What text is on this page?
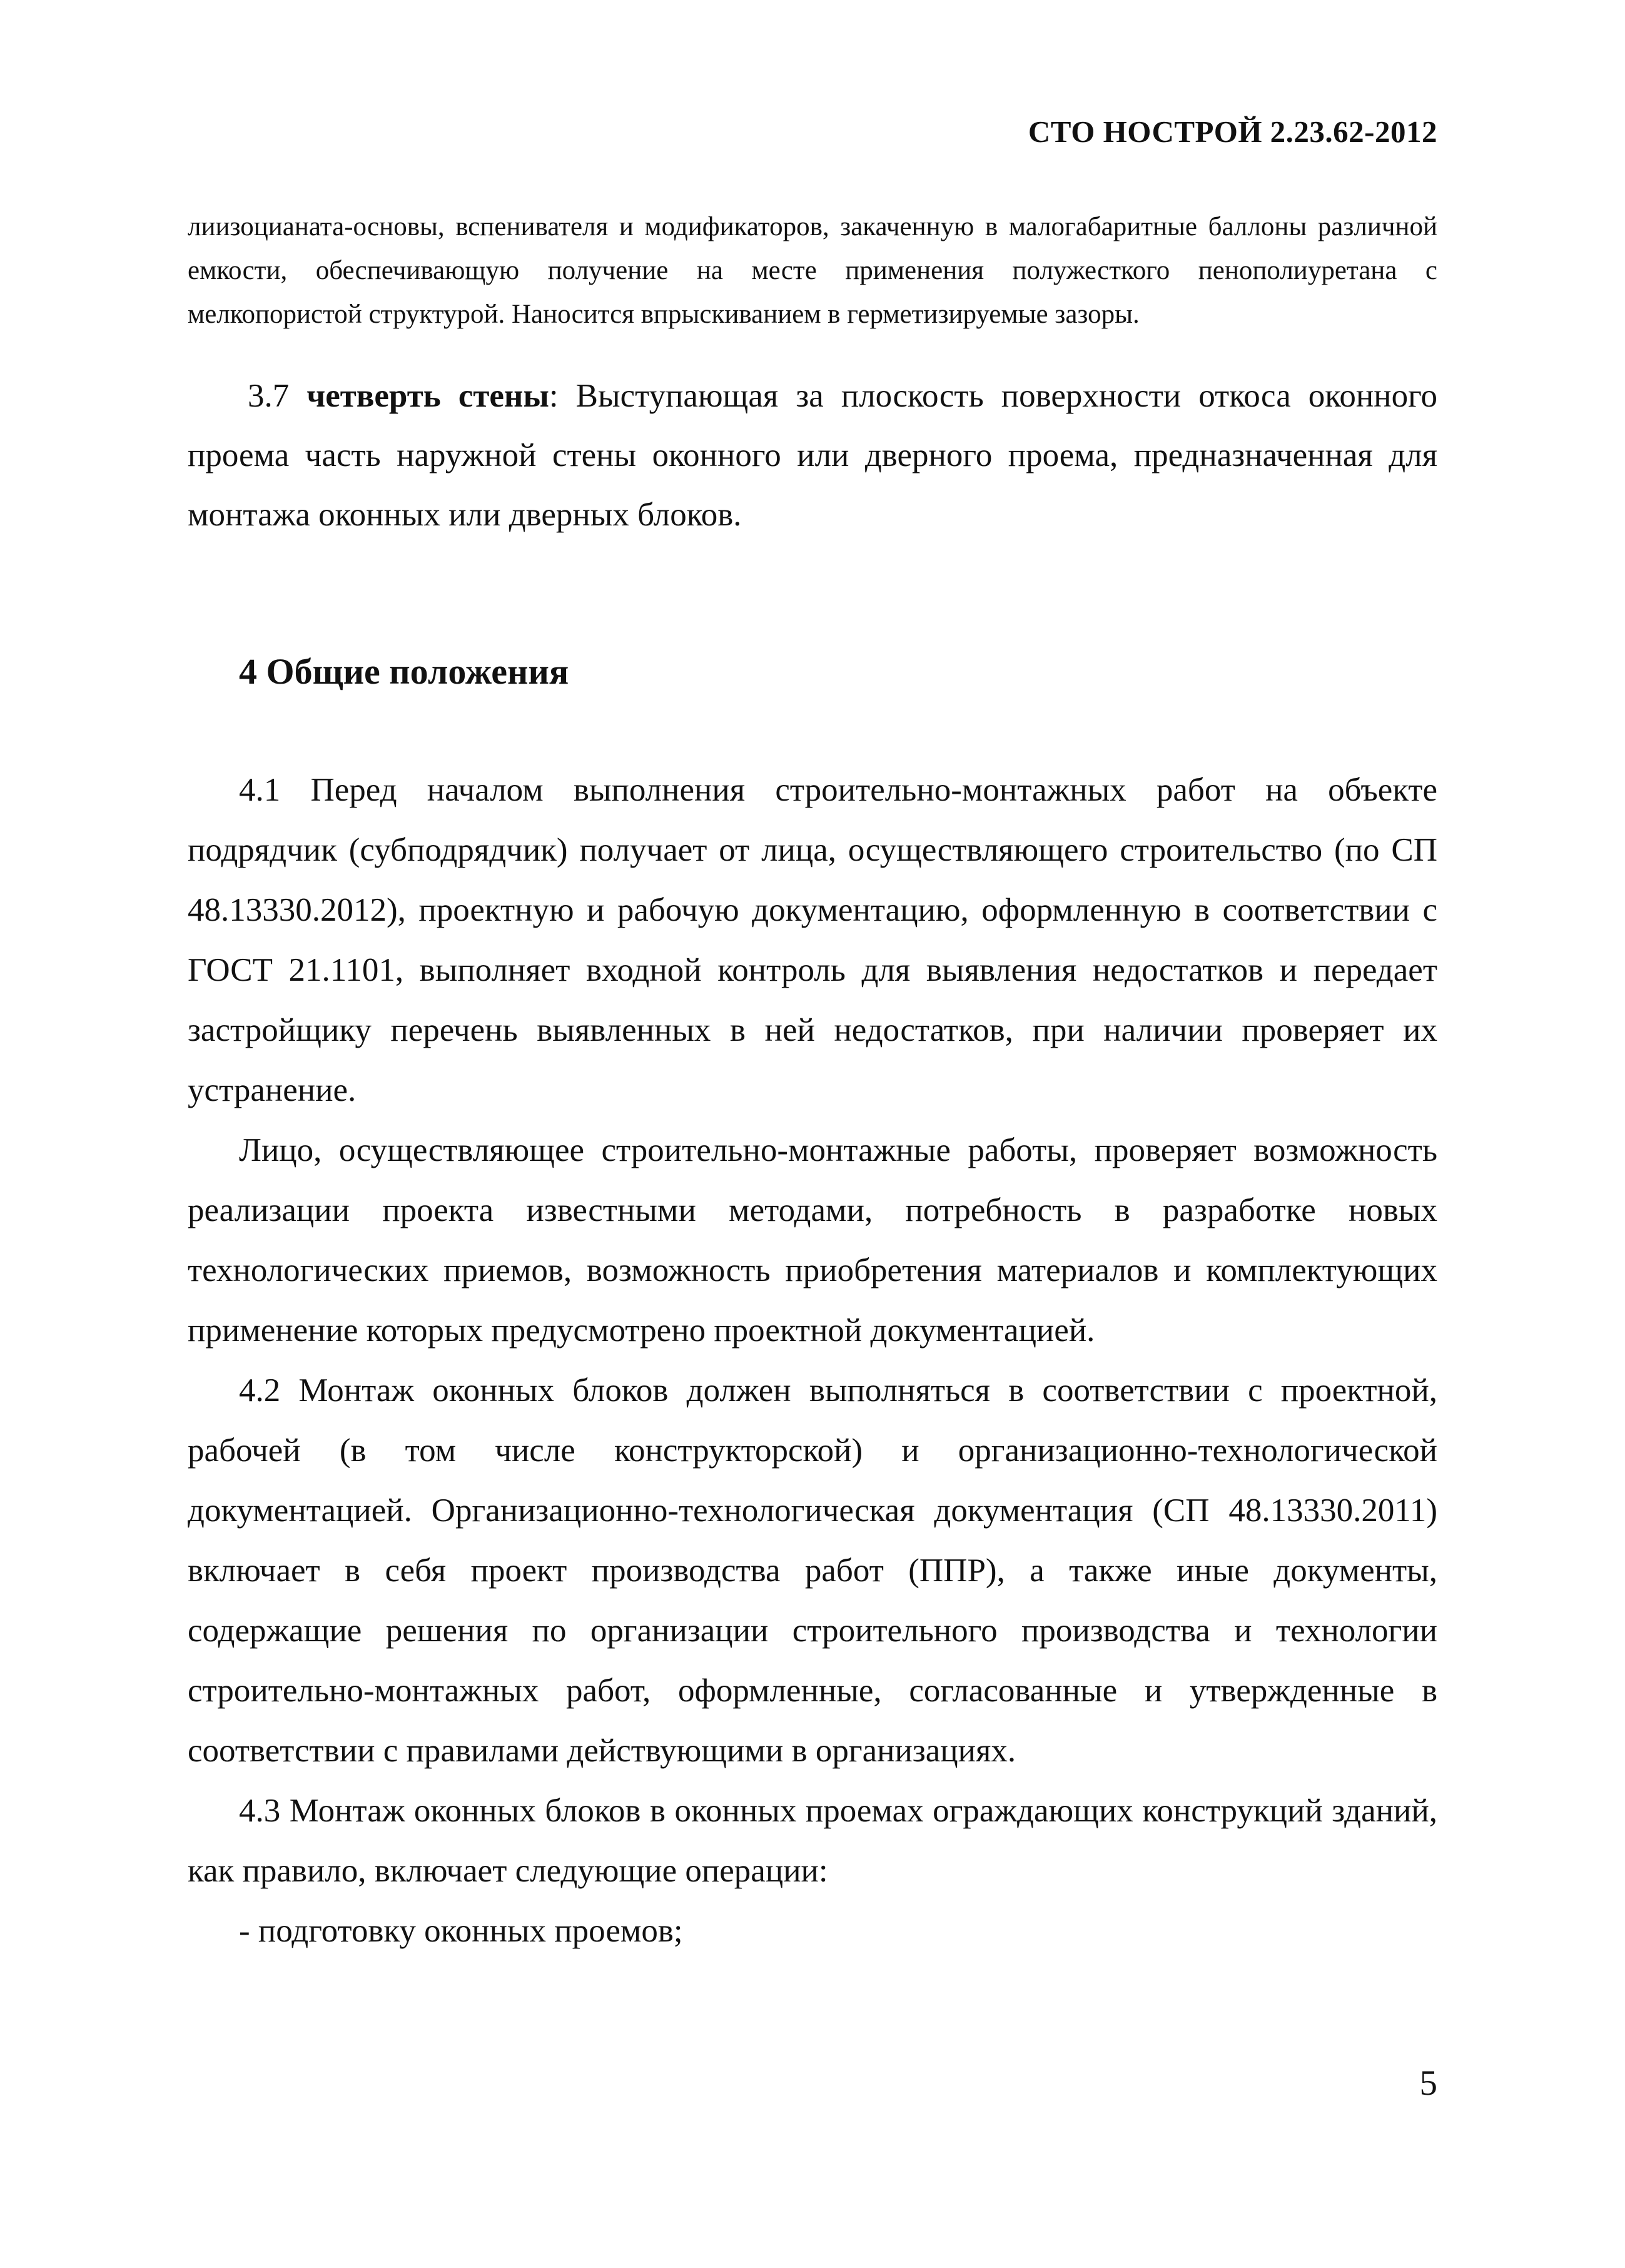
СТО НОСТРОЙ 2.23.62-2012

лиизоцианата-основы, вспенивателя и модификаторов, закаченную в малогабаритные баллоны различной емкости, обеспечивающую получение на месте применения полужесткого пенополиуретана с мелкопористой структурой. Наносится впрыскиванием в герметизируемые зазоры.

3.7 четверть стены: Выступающая за плоскость поверхности откоса оконного проема часть наружной стены оконного или дверного проема, предназначенная для монтажа оконных или дверных блоков.

4 Общие положения

4.1 Перед началом выполнения строительно-монтажных работ на объекте подрядчик (субподрядчик) получает от лица, осуществляющего строительство (по СП 48.13330.2012), проектную и рабочую документацию, оформленную в соответствии с ГОСТ 21.1101, выполняет входной контроль для выявления недостатков и передает застройщику перечень выявленных в ней недостатков, при наличии проверяет их устранение.

Лицо, осуществляющее строительно-монтажные работы, проверяет возможность реализации проекта известными методами, потребность в разработке новых технологических приемов, возможность приобретения материалов и комплектующих применение которых предусмотрено проектной документацией.

4.2 Монтаж оконных блоков должен выполняться в соответствии с проектной, рабочей (в том числе конструкторской) и организационно-технологической документацией. Организационно-технологическая документация (СП 48.13330.2011) включает в себя проект производства работ (ППР), а также иные документы, содержащие решения по организации строительного производства и технологии строительно-монтажных работ, оформленные, согласованные и утвержденные в соответствии с правилами действующими в организациях.

4.3 Монтаж оконных блоков в оконных проемах ограждающих конструкций зданий, как правило, включает следующие операции:

- подготовку оконных проемов;

5
